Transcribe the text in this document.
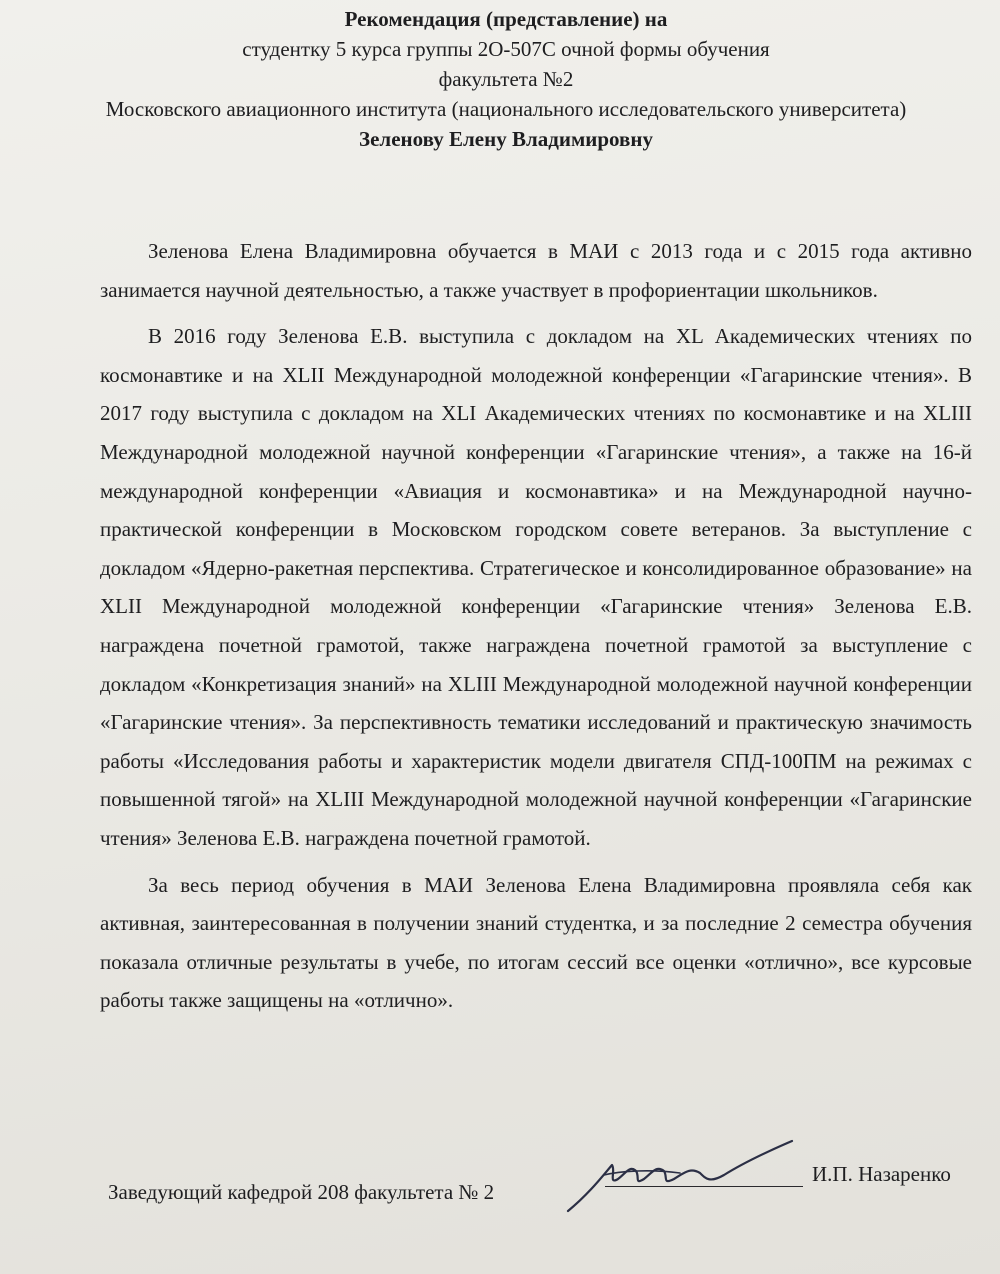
Рекомендация (представление) на
студентку 5 курса группы 2О-507С очной формы обучения
факультета №2
Московского авиационного института (национального исследовательского университета)
Зеленову Елену Владимировну

Зеленова Елена Владимировна обучается в МАИ с 2013 года и с 2015 года активно занимается научной деятельностью, а также участвует в профориентации школьников.

В 2016 году Зеленова Е.В. выступила с докладом на XL Академических чтениях по космонавтике и на XLII Международной молодежной конференции «Гагаринские чтения». В 2017 году выступила с докладом на XLI Академических чтениях по космонавтике и на XLIII Международной молодежной научной конференции «Гагаринские чтения», а также на 16-й международной конференции «Авиация и космонавтика» и на Международной научно-практической конференции в Московском городском совете ветеранов. За выступление с докладом «Ядерно-ракетная перспектива. Стратегическое и консолидированное образование» на XLII Международной молодежной конференции «Гагаринские чтения» Зеленова Е.В. награждена почетной грамотой, также награждена почетной грамотой за выступление с докладом «Конкретизация знаний» на XLIII Международной молодежной научной конференции «Гагаринские чтения». За перспективность тематики исследований и практическую значимость работы «Исследования работы и характеристик модели двигателя СПД-100ПМ на режимах с повышенной тягой» на XLIII Международной молодежной научной конференции «Гагаринские чтения» Зеленова Е.В. награждена почетной грамотой.

За весь период обучения в МАИ Зеленова Елена Владимировна проявляла себя как активная, заинтересованная в получении знаний студентка, и за последние 2 семестра обучения показала отличные результаты в учебе, по итогам сессий все оценки «отлично», все курсовые работы также защищены на «отлично».

Заведующий кафедрой 208 факультета № 2
И.П. Назаренко
